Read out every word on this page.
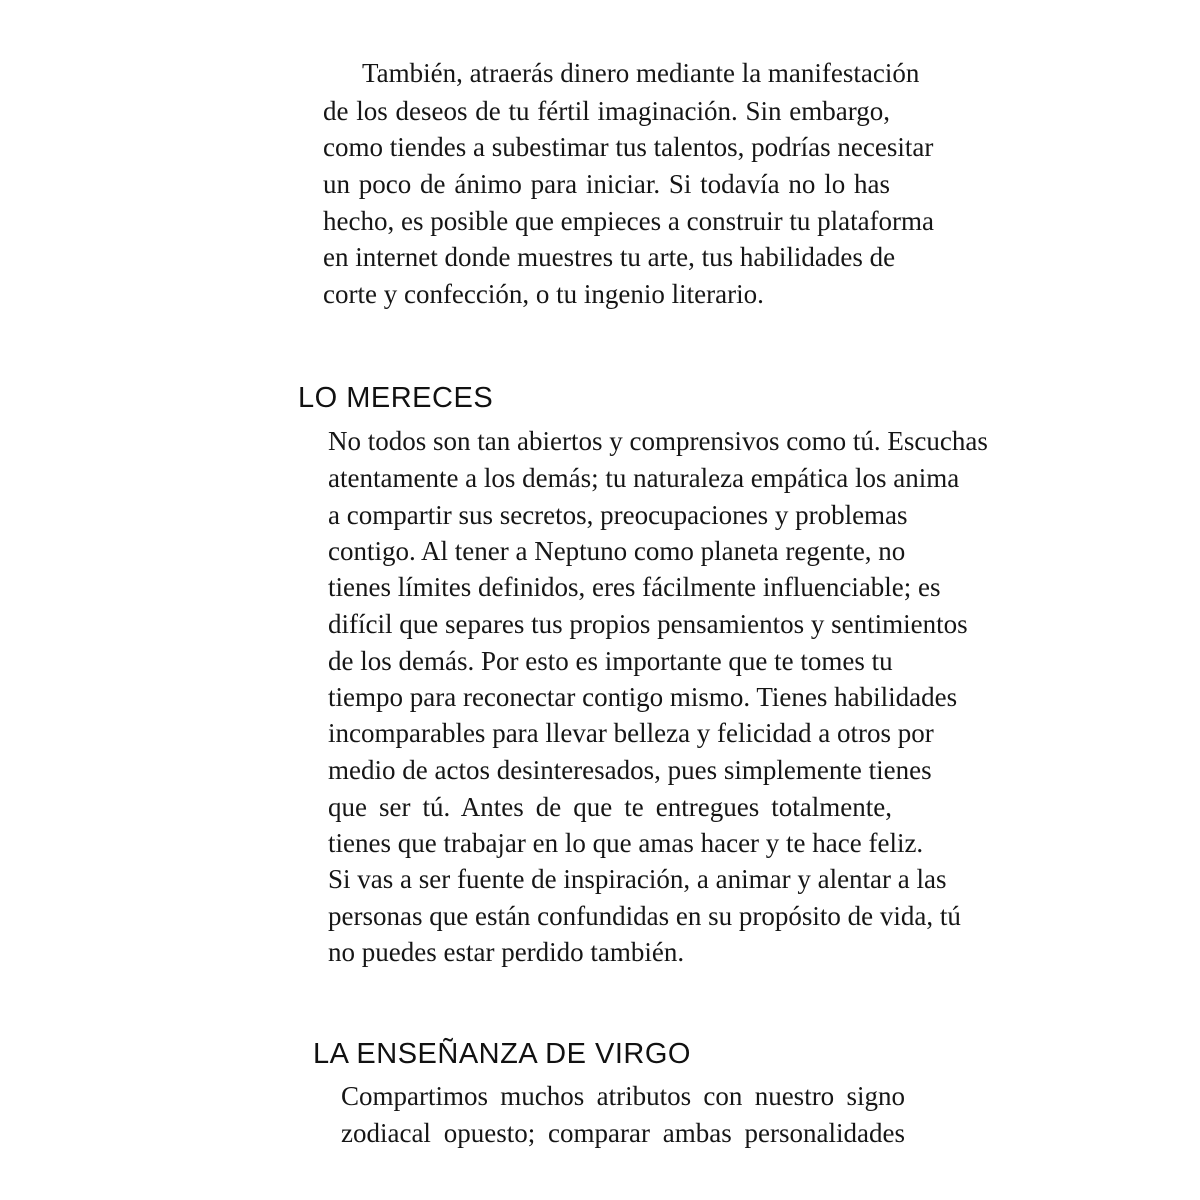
También, atraerás dinero mediante la manifestación

de los deseos de tu fértil imaginación. Sin embargo,

como tiendes a subestimar tus talentos, podrías necesitar

un poco de ánimo para iniciar. Si todavía no lo has

hecho, es posible que empieces a construir tu plataforma

en internet donde muestres tu arte, tus habilidades de

corte y confección, o tu ingenio literario.

LO MERECES

No todos son tan abiertos y comprensivos como tú. Escuchas

atentamente a los demás; tu naturaleza empática los anima

a compartir sus secretos, preocupaciones y problemas

contigo. Al tener a Neptuno como planeta regente, no

tienes límites definidos, eres fácilmente influenciable; es

difícil que separes tus propios pensamientos y sentimientos

de los demás. Por esto es importante que te tomes tu

tiempo para reconectar contigo mismo. Tienes habilidades

incomparables para llevar belleza y felicidad a otros por

medio de actos desinteresados, pues simplemente tienes

que ser tú. Antes de que te entregues totalmente,

tienes que trabajar en lo que amas hacer y te hace feliz.

Si vas a ser fuente de inspiración, a animar y alentar a las

personas que están confundidas en su propósito de vida, tú

no puedes estar perdido también.

LA ENSEÑANZA DE VIRGO

Compartimos muchos atributos con nuestro signo

zodiacal opuesto; comparar ambas personalidades
